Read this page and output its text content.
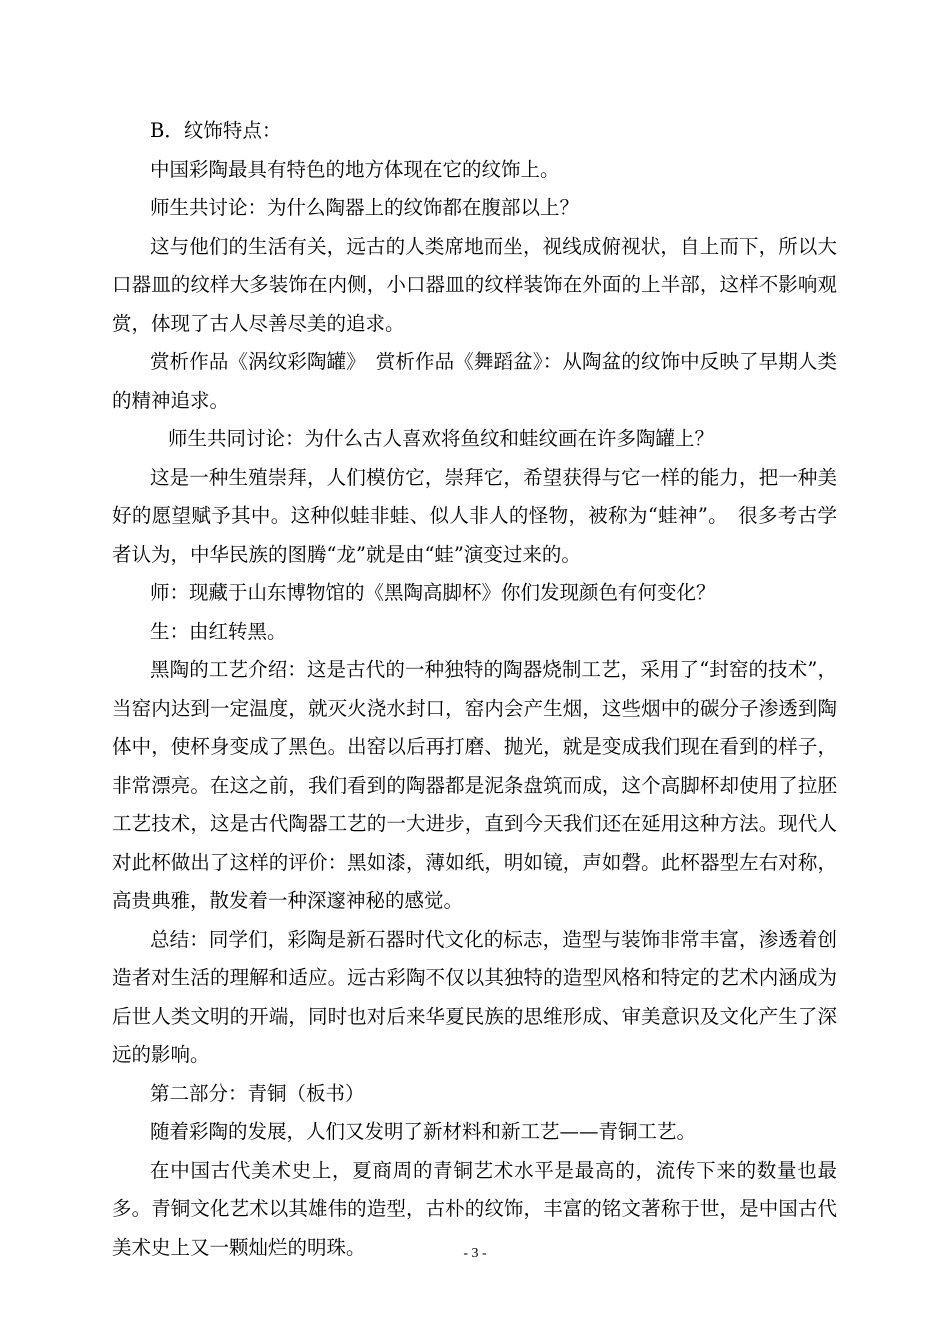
B．纹饰特点：

中国彩陶最具有特色的地方体现在它的纹饰上。

师生共讨论：为什么陶器上的纹饰都在腹部以上？

这与他们的生活有关，远古的人类席地而坐，视线成俯视状，自上而下，所以大口器皿的纹样大多装饰在内侧，小口器皿的纹样装饰在外面的上半部，这样不影响观赏，体现了古人尽善尽美的追求。

赏析作品《涡纹彩陶罐》　赏析作品《舞蹈盆》：从陶盆的纹饰中反映了早期人类的精神追求。

师生共同讨论：为什么古人喜欢将鱼纹和蛙纹画在许多陶罐上？

这是一种生殖崇拜，人们模仿它，崇拜它，希望获得与它一样的能力，把一种美好的愿望赋予其中。这种似蛙非蛙、似人非人的怪物，被称为“蛙神”。　很多考古学者认为，中华民族的图腾“龙”就是由“蛙”演变过来的。

师：现藏于山东博物馆的《黑陶高脚杯》你们发现颜色有何变化？

生：由红转黑。

黑陶的工艺介绍：这是古代的一种独特的陶器烧制工艺，采用了“封窑的技术”，当窑内达到一定温度，就灭火浇水封口，窑内会产生烟，这些烟中的碳分子渗透到陶体中，使杯身变成了黑色。出窑以后再打磨、抛光，就是变成我们现在看到的样子，非常漂亮。在这之前，我们看到的陶器都是泥条盘筑而成，这个高脚杯却使用了拉胚工艺技术，这是古代陶器工艺的一大进步，直到今天我们还在延用这种方法。现代人对此杯做出了这样的评价：黑如漆，薄如纸，明如镜，声如磬。此杯器型左右对称，高贵典雅，散发着一种深邃神秘的感觉。

总结：同学们，彩陶是新石器时代文化的标志，造型与装饰非常丰富，渗透着创造者对生活的理解和适应。远古彩陶不仅以其独特的造型风格和特定的艺术内涵成为后世人类文明的开端，同时也对后来华夏民族的思维形成、审美意识及文化产生了深远的影响。

第二部分：青铜（板书）

随着彩陶的发展，人们又发明了新材料和新工艺——青铜工艺。

在中国古代美术史上，夏商周的青铜艺术水平是最高的，流传下来的数量也最多。青铜文化艺术以其雄伟的造型，古朴的纹饰，丰富的铭文著称于世，是中国古代美术史上又一颗灿烂的明珠。	- 3 -
